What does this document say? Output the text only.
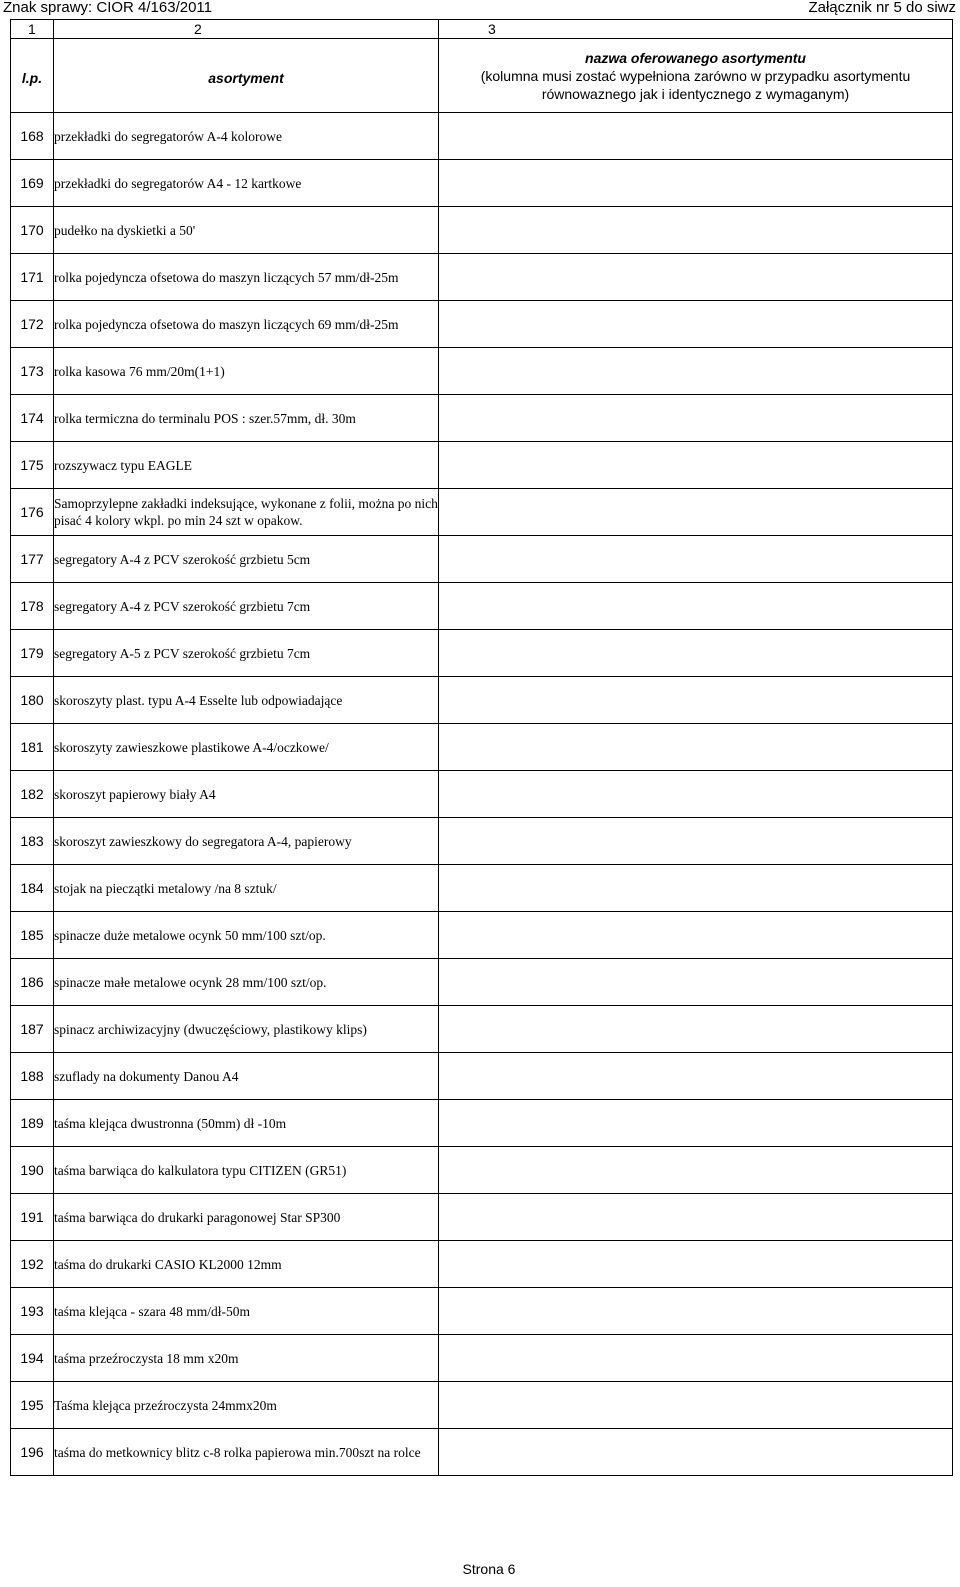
Znak sprawy: CIOR 4/163/2011	Załącznik nr 5 do siwz
1	2	3
l.p.	asortyment	nazwa oferowanego asortymentu
(kolumna musi zostać wypełniona zarówno w przypadku asortymentu
równowaznego jak i identycznego z wymaganym)

168	przekładki do segregatorów A-4 kolorowe	
169	przekładki do segregatorów A4 - 12 kartkowe	
170	pudełko na dyskietki a 50'	
171	rolka pojedyncza ofsetowa do maszyn liczących 57 mm/dł-25m	
172	rolka pojedyncza ofsetowa do maszyn liczących 69 mm/dł-25m	
173	rolka kasowa 76 mm/20m(1+1)	
174	rolka termiczna do terminalu POS : szer.57mm, dł. 30m	
175	rozszywacz typu EAGLE	
176	Samoprzylepne zakładki indeksujące, wykonane z folii, można po nich pisać 4 kolory wkpl. po min 24 szt w opakow.	
177	segregatory A-4 z PCV szerokość grzbietu 5cm	
178	segregatory A-4 z PCV szerokość grzbietu 7cm	
179	segregatory A-5 z PCV szerokość grzbietu 7cm	
180	skoroszyty plast. typu A-4 Esselte lub odpowiadające	
181	skoroszyty zawieszkowe plastikowe A-4/oczkowe/	
182	skoroszyt papierowy biały A4	
183	skoroszyt zawieszkowy do segregatora A-4, papierowy	
184	stojak na pieczątki metalowy /na 8 sztuk/	
185	spinacze duże metalowe ocynk 50 mm/100 szt/op.	
186	spinacze małe metalowe ocynk 28 mm/100 szt/op.	
187	spinacz archiwizacyjny (dwuczęściowy, plastikowy klips)	
188	szuflady na dokumenty Danou A4	
189	taśma klejąca dwustronna (50mm) dł -10m	
190	taśma barwiąca do kalkulatora typu CITIZEN (GR51)	
191	taśma barwiąca do drukarki paragonowej Star SP300	
192	taśma do drukarki CASIO KL2000 12mm	
193	taśma klejąca - szara 48 mm/dł-50m	
194	taśma przeźroczysta 18 mm x20m	
195	Taśma klejąca przeźroczysta 24mmx20m	
196	taśma do metkownicy blitz c-8 rolka papierowa min.700szt na rolce	
Strona 6
